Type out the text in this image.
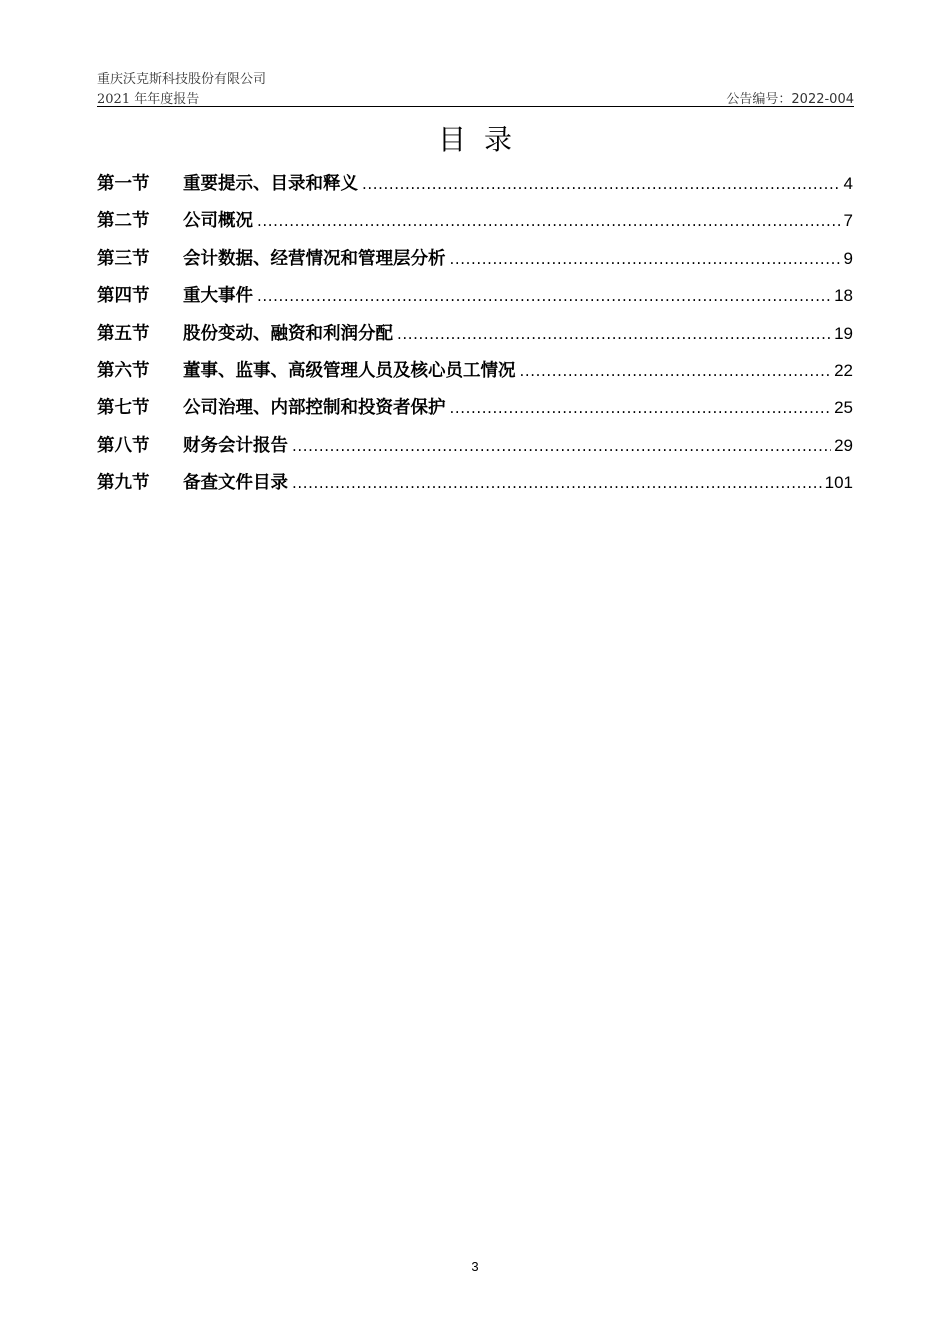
重庆沃克斯科技股份有限公司
2021 年年度报告	公告编号：2022-004
目录
第一节	重要提示、目录和释义 .....	4
第二节	公司概况 .....	7
第三节	会计数据、经营情况和管理层分析 .....	9
第四节	重大事件 .....	18
第五节	股份变动、融资和利润分配 .....	19
第六节	董事、监事、高级管理人员及核心员工情况 .....	22
第七节	公司治理、内部控制和投资者保护 .....	25
第八节	财务会计报告 .....	29
第九节	备查文件目录 .....	101
3
